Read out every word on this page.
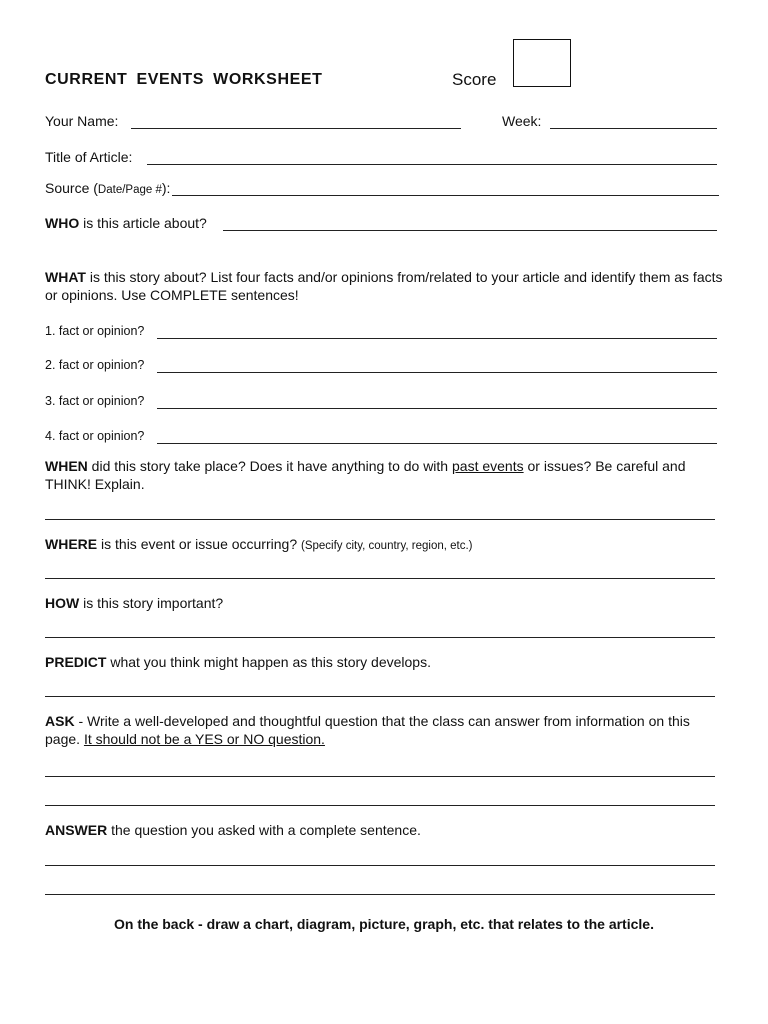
CURRENT EVENTS WORKSHEET	Score
Your Name:	Week:
Title of Article:
Source (Date/Page #):
WHO is this article about?
WHAT is this story about? List four facts and/or opinions from/related to your article and identify them as facts or opinions. Use COMPLETE sentences!
1. fact or opinion?
2. fact or opinion?
3. fact or opinion?
4. fact or opinion?
WHEN did this story take place? Does it have anything to do with past events or issues? Be careful and THINK! Explain.
WHERE is this event or issue occurring? (Specify city, country, region, etc.)
HOW is this story important?
PREDICT what you think might happen as this story develops.
ASK - Write a well-developed and thoughtful question that the class can answer from information on this page. It should not be a YES or NO question.
ANSWER the question you asked with a complete sentence.
On the back - draw a chart, diagram, picture, graph, etc. that relates to the article.
